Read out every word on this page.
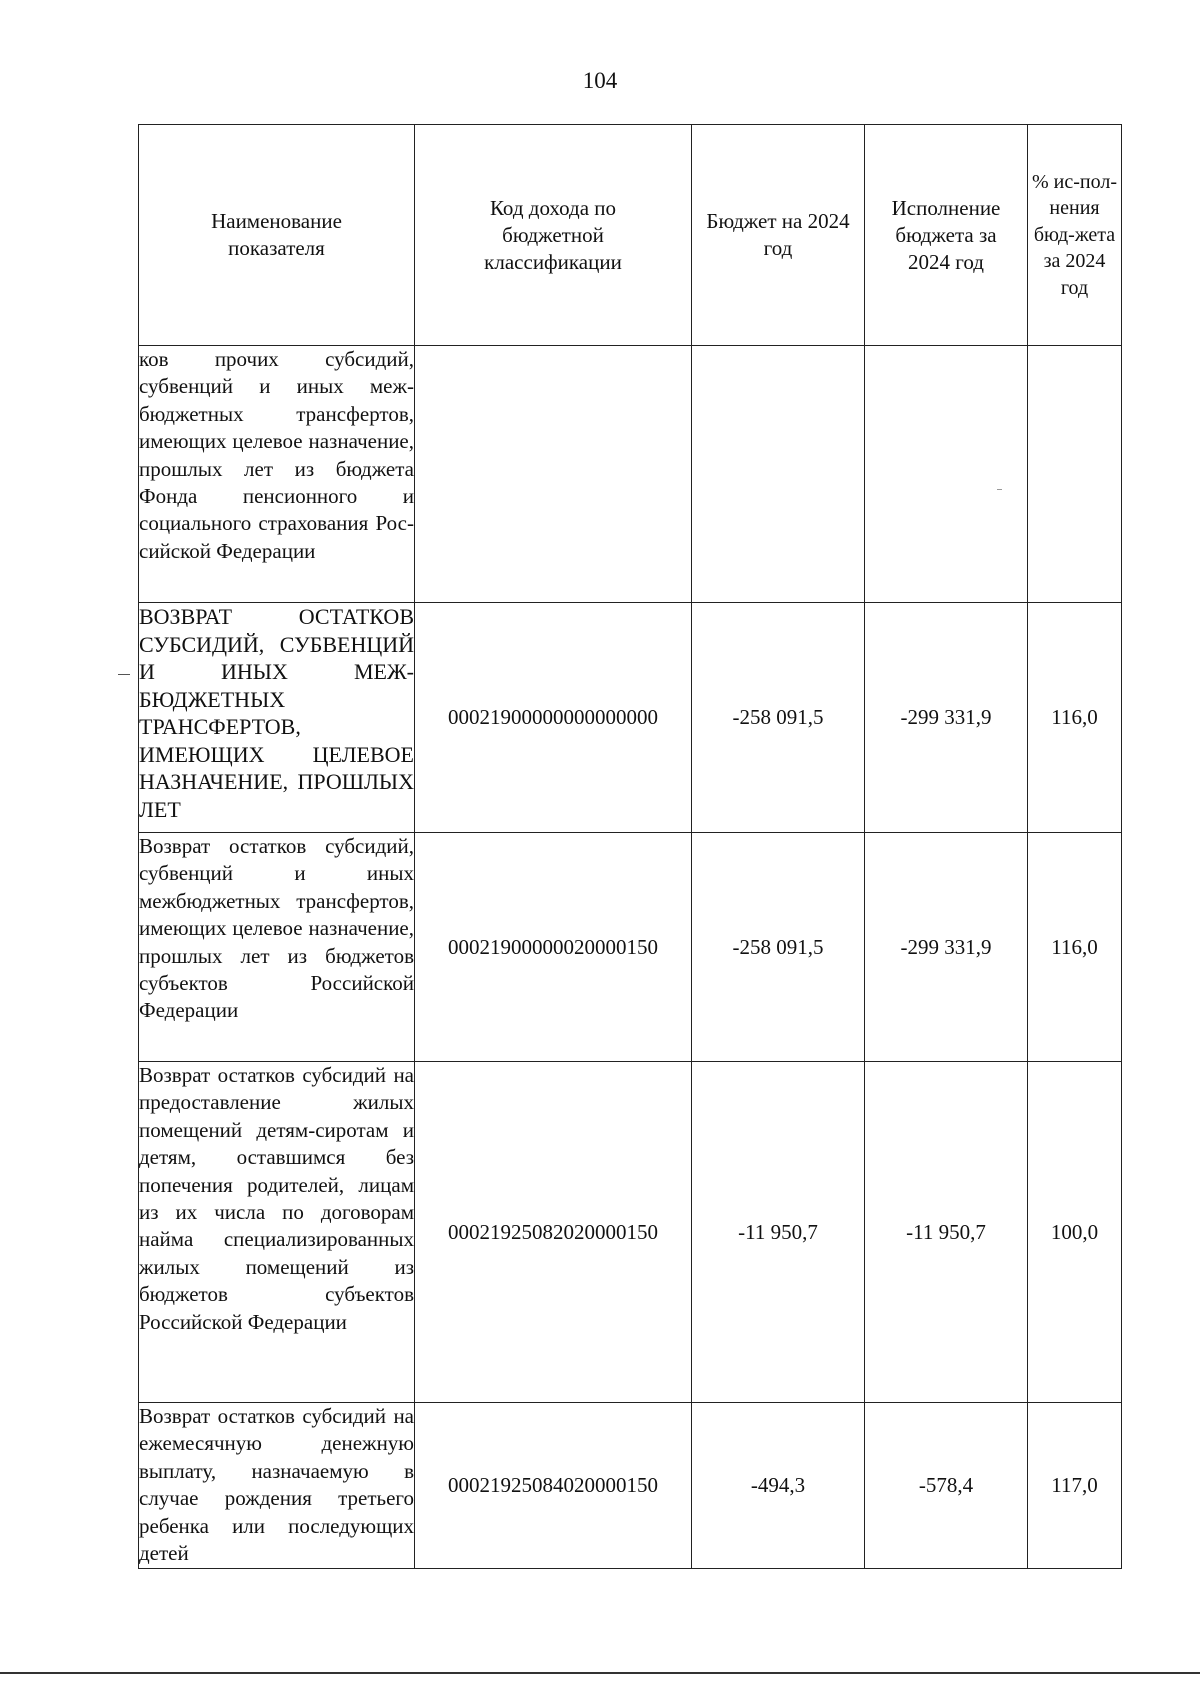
104
Наименование показателя	Код дохода по бюджетной классификации	Бюджет на 2024 год	Исполнение бюджета за 2024 год	% ис-пол-нения бюд-жета за 2024 год
ков прочих субсидий, субвенций и иных межбюджетных трансфертов, имеющих целевое назначение, прошлых лет из бюджета Фонда пенсионного и социального страхования Российской Федерации				
ВОЗВРАТ ОСТАТКОВ СУБСИДИЙ, СУБВЕНЦИЙ И ИНЫХ МЕЖБЮДЖЕТНЫХ ТРАНСФЕРТОВ, ИМЕЮЩИХ ЦЕЛЕВОЕ НАЗНАЧЕНИЕ, ПРОШЛЫХ ЛЕТ	00021900000000000000	-258 091,5	-299 331,9	116,0
Возврат остатков субсидий, субвенций и иных межбюджетных трансфертов, имеющих целевое назначение, прошлых лет из бюджетов субъектов Российской Федерации	00021900000020000150	-258 091,5	-299 331,9	116,0
Возврат остатков субсидий на предоставление жилых помещений детям-сиротам и детям, оставшимся без попечения родителей, лицам из их числа по договорам найма специализированных жилых помещений из бюджетов субъектов Российской Федерации	00021925082020000150	-11 950,7	-11 950,7	100,0
Возврат остатков субсидий на ежемесячную денежную выплату, назначаемую в случае рождения третьего ребенка или последующих детей	00021925084020000150	-494,3	-578,4	117,0
